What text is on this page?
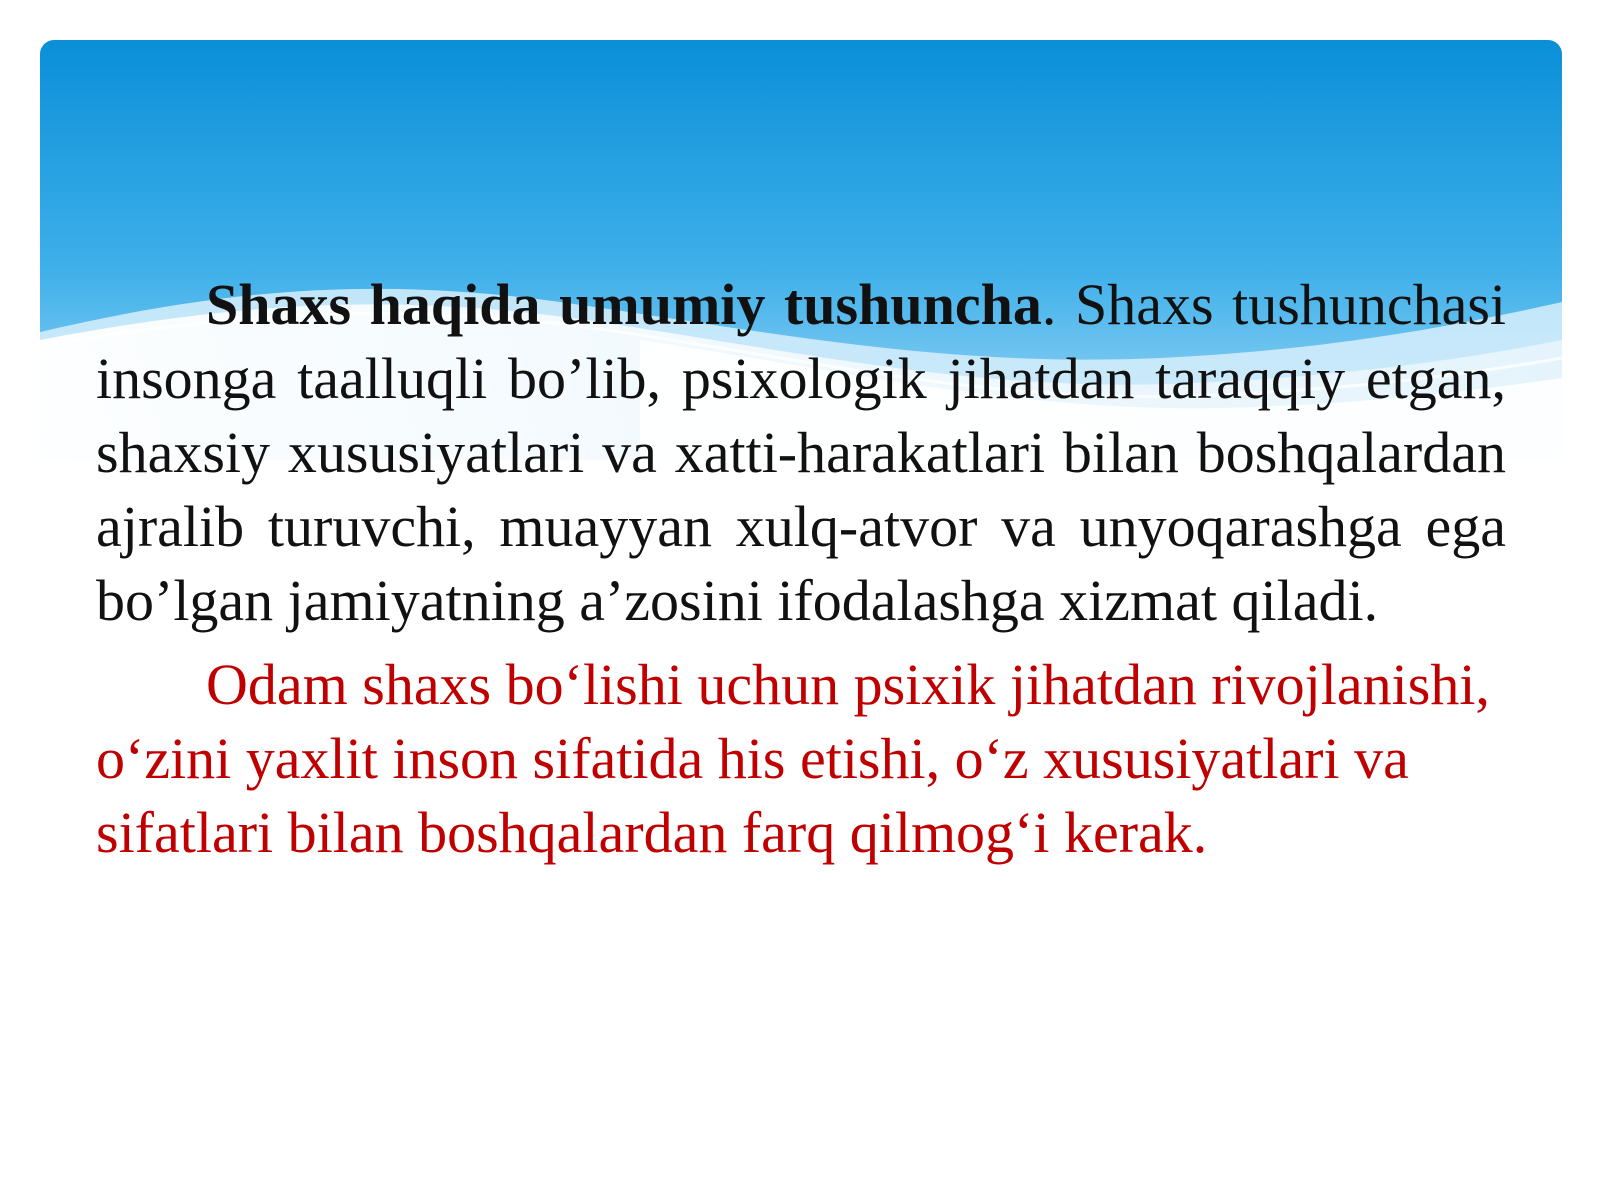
Shaxs haqida umumiy tushuncha. Shaxs tushunchasi insonga taalluqli bo’lib, psixologik jihatdan taraqqiy etgan, shaxsiy xususiyatlari va xatti-harakatlari bilan boshqalardan ajralib turuvchi, muayyan xulq-atvor va unyoqarashga ega bo’lgan jamiyatning a’zosini ifodalashga xizmat qiladi.

Odam shaxs bo‘lishi uchun psixik jihatdan rivojlanishi, o‘zini yaxlit inson sifatida his etishi, o‘z xususiyatlari va sifatlari bilan boshqalardan farq qilmog‘i kerak.
